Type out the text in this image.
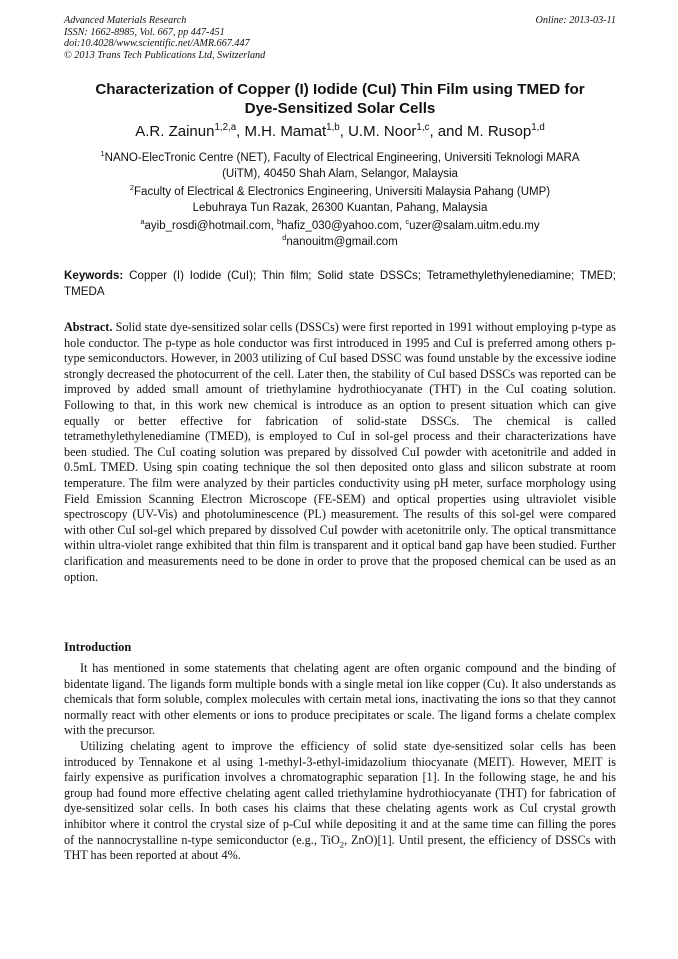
Advanced Materials Research
ISSN: 1662-8985, Vol. 667, pp 447-451
doi:10.4028/www.scientific.net/AMR.667.447
© 2013 Trans Tech Publications Ltd, Switzerland
Online: 2013-03-11
Characterization of Copper (I) Iodide (CuI) Thin Film using TMED for
Dye-Sensitized Solar Cells
A.R. Zainun$^{1,2,a}$, M.H. Mamat$^{1,b}$, U.M. Noor$^{1,c}$, and M. Rusop$^{1,d}$
$^1$NANO-ElecTronic Centre (NET), Faculty of Electrical Engineering, Universiti Teknologi MARA
(UiTM), 40450 Shah Alam, Selangor, Malaysia
$^2$Faculty of Electrical & Electronics Engineering, Universiti Malaysia Pahang (UMP)
Lebuhraya Tun Razak, 26300 Kuantan, Pahang, Malaysia
$^a$ayib_rosdi@hotmail.com, $^b$hafiz_030@yahoo.com, $^c$uzer@salam.uitm.edu.my
$^d$nanouitm@gmail.com
Keywords: Copper (I) Iodide (CuI); Thin film; Solid state DSSCs; Tetramethylethylenediamine; TMED; TMEDA
Abstract. Solid state dye-sensitized solar cells (DSSCs) were first reported in 1991 without employing p-type as hole conductor. The p-type as hole conductor was first introduced in 1995 and CuI is preferred among others p-type semiconductors. However, in 2003 utilizing of CuI based DSSC was found unstable by the excessive iodine strongly decreased the photocurrent of the cell. Later then, the stability of CuI based DSSCs was reported can be improved by added small amount of triethylamine hydrothiocyanate (THT) in the CuI coating solution. Following to that, in this work new chemical is introduce as an option to present situation which can give equally or better effective for fabrication of solid-state DSSCs. The chemical is called tetramethylethylenediamine (TMED), is employed to CuI in sol-gel process and their characterizations have been studied. The CuI coating solution was prepared by dissolved CuI powder with acetonitrile and added in 0.5mL TMED. Using spin coating technique the sol then deposited onto glass and silicon substrate at room temperature. The film were analyzed by their particles conductivity using pH meter, surface morphology using Field Emission Scanning Electron Microscope (FE-SEM) and optical properties using ultraviolet visible spectroscopy (UV-Vis) and photoluminescence (PL) measurement. The results of this sol-gel were compared with other CuI sol-gel which prepared by dissolved CuI powder with acetonitrile only. The optical transmittance within ultra-violet range exhibited that thin film is transparent and it optical band gap have been studied. Further clarification and measurements need to be done in order to prove that the proposed chemical can be used as an option.
Introduction

It has mentioned in some statements that chelating agent are often organic compound and the binding of bidentate ligand. The ligands form multiple bonds with a single metal ion like copper (Cu). It also understands as chemicals that form soluble, complex molecules with certain metal ions, inactivating the ions so that they cannot normally react with other elements or ions to produce precipitates or scale. The ligand forms a chelate complex with the precursor.

Utilizing chelating agent to improve the efficiency of solid state dye-sensitized solar cells has been introduced by Tennakone et al using 1-methyl-3-ethyl-imidazolium thiocyanate (MEIT). However, MEIT is fairly expensive as purification involves a chromatographic separation [1]. In the following stage, he and his group had found more effective chelating agent called triethylamine hydrothiocyanate (THT) for fabrication of dye-sensitized solar cells. In both cases his claims that these chelating agents work as CuI crystal growth inhibitor where it control the crystal size of p-CuI while depositing it and at the same time can filling the pores of the nannocrystalline n-type semiconductor (e.g., TiO$_2$, ZnO)[1]. Until present, the efficiency of DSSCs with THT has been reported at about 4%.
